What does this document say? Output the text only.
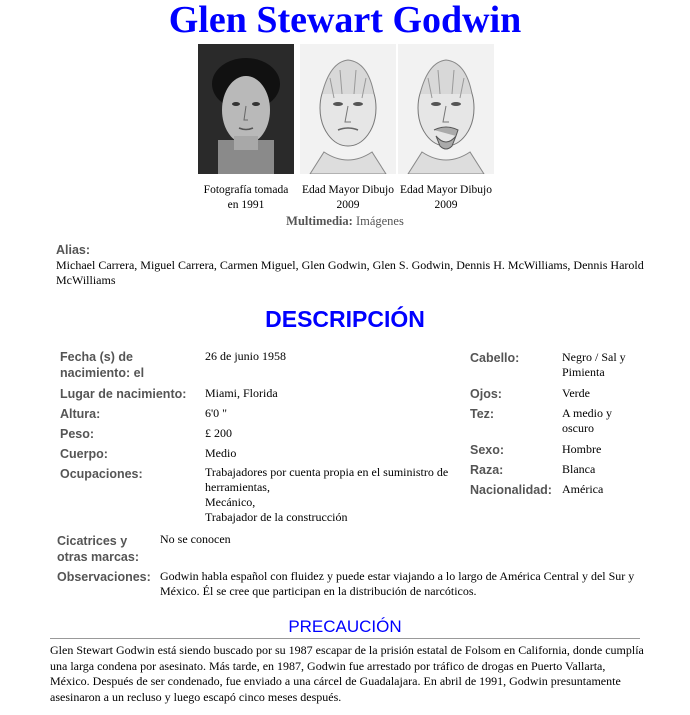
Glen Stewart Godwin
Fotografía tomada en 1991
Edad Mayor Dibujo 2009
Edad Mayor Dibujo 2009
Multimedia: Imágenes
Alias:
Michael Carrera, Miguel Carrera, Carmen Miguel, Glen Godwin, Glen S. Godwin, Dennis H. McWilliams, Dennis Harold McWilliams
DESCRIPCIÓN
Fecha (s) de nacimiento: el
26 de junio 1958
Lugar de nacimiento: Miami, Florida
Altura:	6'0 "
Peso:	£ 200
Cuerpo:	Medio
Ocupaciones:	Trabajadores por cuenta propia en el suministro de herramientas,
Mecánico,
Trabajador de la construcción
Cabello:	Negro / Sal y Pimienta
Ojos:	Verde
Tez:	A medio y oscuro
Sexo:	Hombre
Raza:	Blanca
Nacionalidad: América
Cicatrices y otras marcas:
No se conocen
Observaciones: Godwin habla español con fluidez y puede estar viajando a lo largo de América Central y del Sur y México. Él se cree que participan en la distribución de narcóticos.
PRECAUCIÓN
Glen Stewart Godwin está siendo buscado por su 1987 escapar de la prisión estatal de Folsom en California, donde cumplía una larga condena por asesinato. Más tarde, en 1987, Godwin fue arrestado por tráfico de drogas en Puerto Vallarta, México. Después de ser condenado, fue enviado a una cárcel de Guadalajara. En abril de 1991, Godwin presuntamente asesinaron a un recluso y luego escapó cinco meses después.
